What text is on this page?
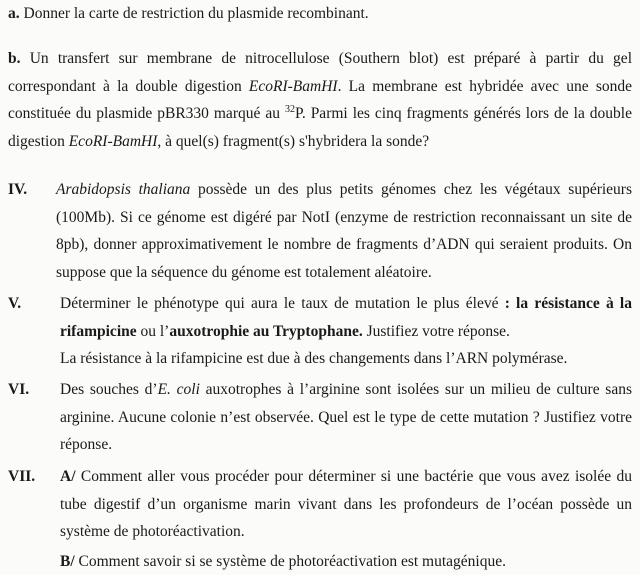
a. Donner la carte de restriction du plasmide recombinant.
b. Un transfert sur membrane de nitrocellulose (Southern blot) est préparé à partir du gel correspondant à la double digestion EcoRI-BamHI. La membrane est hybridée avec une sonde constituée du plasmide pBR330 marqué au $^{32}$P. Parmi les cinq fragments générés lors de la double digestion EcoRI-BamHI, à quel(s) fragment(s) s'hybridera la sonde?
IV. Arabidopsis thaliana possède un des plus petits génomes chez les végétaux supérieurs (100Mb). Si ce génome est digéré par NotI (enzyme de restriction reconnaissant un site de 8pb), donner approximativement le nombre de fragments d’ADN qui seraient produits. On suppose que la séquence du génome est totalement aléatoire.
V.	Déterminer le phénotype qui aura le taux de mutation le plus élevé : la résistance à la rifampicine ou l’auxotrophie au Tryptophane. Justifiez votre réponse.
La résistance à la rifampicine est due à des changements dans l’ARN polymérase.
VI. Des souches d’E. coli auxotrophes à l’arginine sont isolées sur un milieu de culture sans arginine. Aucune colonie n’est observée. Quel est le type de cette mutation ? Justifiez votre réponse.
VII. A/ Comment aller vous procéder pour déterminer si une bactérie que vous avez isolée du tube digestif d’un organisme marin vivant dans les profondeurs de l’océan possède un système de photoréactivation.
B/ Comment savoir si se système de photoréactivation est mutagénique.
